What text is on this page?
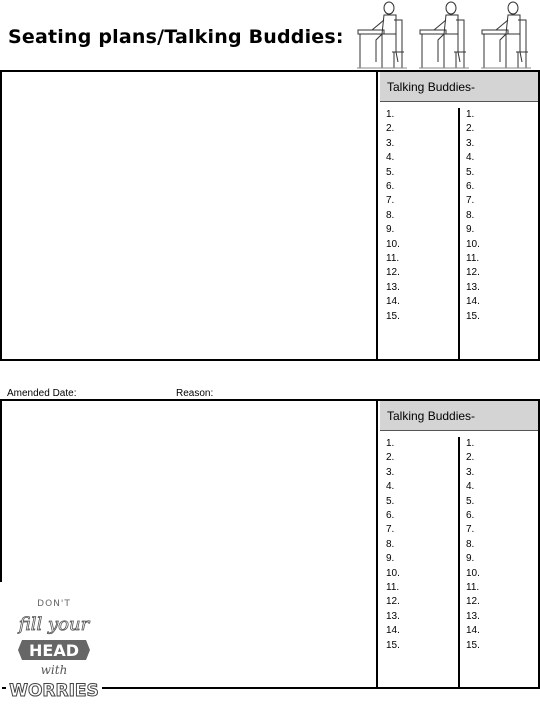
Seating plans/Talking Buddies:
Talking Buddies-
1.
2.
3.
4.
5.
6.
7.
8.
9.
10.
11.
12.
13.
14.
15.
1.
2.
3.
4.
5.
6.
7.
8.
9.
10.
11.
12.
13.
14.
15.
Amended Date:	Reason:
Talking Buddies-
1.
2.
3.
4.
5.
6.
7.
8.
9.
10.
11.
12.
13.
14.
15.
1.
2.
3.
4.
5.
6.
7.
8.
9.
10.
11.
12.
13.
14.
15.
DON'T
fill your
HEAD
with
WORRIES
